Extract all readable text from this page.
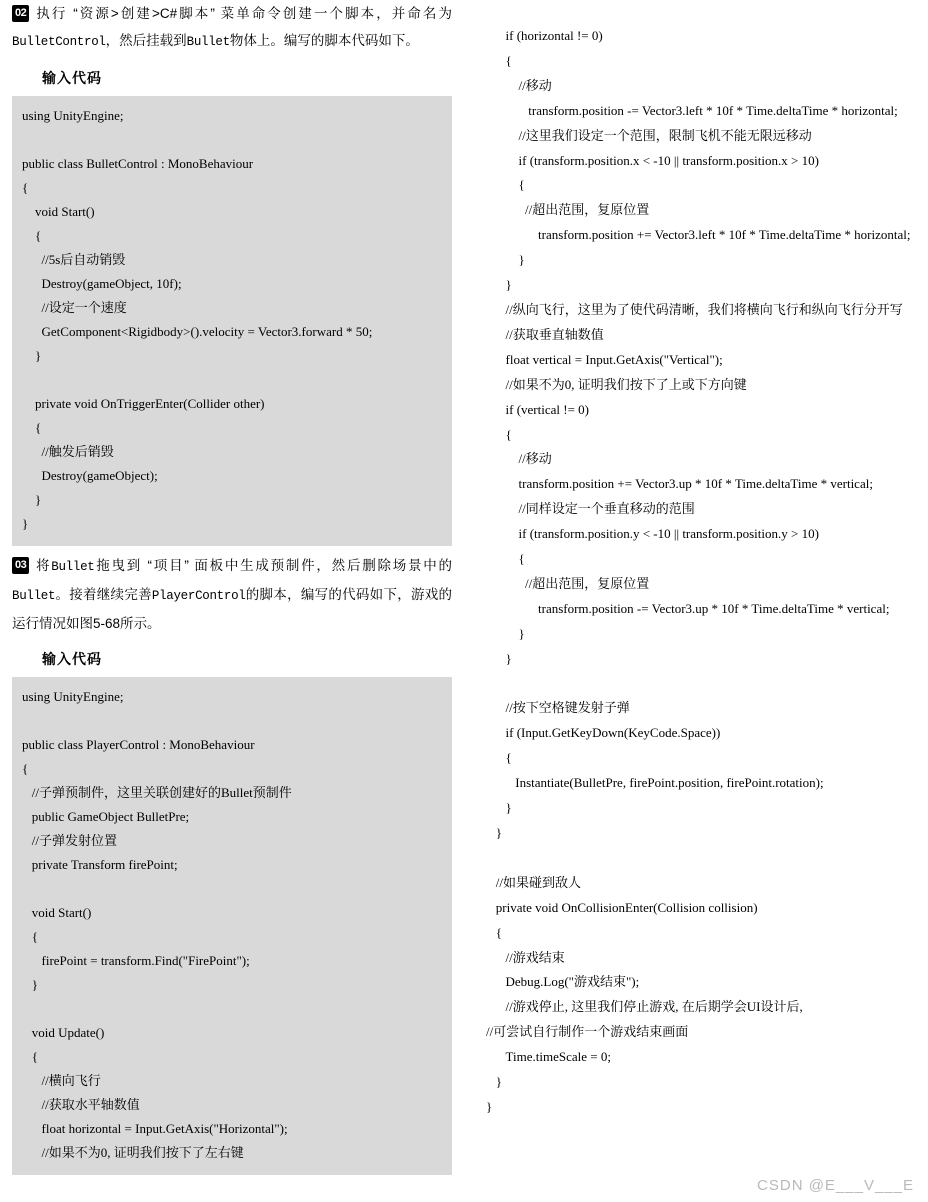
02 执行 “资源>创建>C#脚本” 菜单命令创建一个脚本，并命名为BulletControl，然后挂载到Bullet物体上。编写的脚本代码如下。

输入代码
using UnityEngine;

public class BulletControl : MonoBehaviour
{
void Start()
{
//5s后自动销毁
Destroy(gameObject, 10f);
//设定一个速度
GetComponent<Rigidbody>().velocity = Vector3.forward * 50;
}

private void OnTriggerEnter(Collider other)
{
//触发后销毁
Destroy(gameObject);
}
}

03 将Bullet拖曳到 “项目” 面板中生成预制件，然后删除场景中的Bullet。接着继续完善PlayerControl的脚本，编写的代码如下，游戏的运行情况如图5-68所示。

输入代码
using UnityEngine;

public class PlayerControl : MonoBehaviour
{
//子弹预制件，这里关联创建好的Bullet预制件
public GameObject BulletPre;
//子弹发射位置
private Transform firePoint;

void Start()
{
firePoint = transform.Find("FirePoint");
}

void Update()
{
//横向飞行
//获取水平轴数值
float horizontal = Input.GetAxis("Horizontal");
//如果不为0, 证明我们按下了左右键
if (horizontal != 0)
{
//移动
transform.position -= Vector3.left * 10f * Time.deltaTime * horizontal;
//这里我们设定一个范围，限制飞机不能无限远移动
if (transform.position.x < -10 || transform.position.x > 10)
{
//超出范围，复原位置
transform.position += Vector3.left * 10f * Time.deltaTime * horizontal;
}
}
//纵向飞行，这里为了使代码清晰，我们将横向飞行和纵向飞行分开写
//获取垂直轴数值
float vertical = Input.GetAxis("Vertical");
//如果不为0, 证明我们按下了上或下方向键
if (vertical != 0)
{
//移动
transform.position += Vector3.up * 10f * Time.deltaTime * vertical;
//同样设定一个垂直移动的范围
if (transform.position.y < -10 || transform.position.y > 10)
{
//超出范围，复原位置
transform.position -= Vector3.up * 10f * Time.deltaTime * vertical;
}
}

//按下空格键发射子弹
if (Input.GetKeyDown(KeyCode.Space))
{
Instantiate(BulletPre, firePoint.position, firePoint.rotation);
}
}

//如果碰到敌人
private void OnCollisionEnter(Collision collision)
{
//游戏结束
Debug.Log("游戏结束");
//游戏停止, 这里我们停止游戏, 在后期学会UI设计后,
//可尝试自行制作一个游戏结束画面
Time.timeScale = 0;
}
}
CSDN @E___V___E
